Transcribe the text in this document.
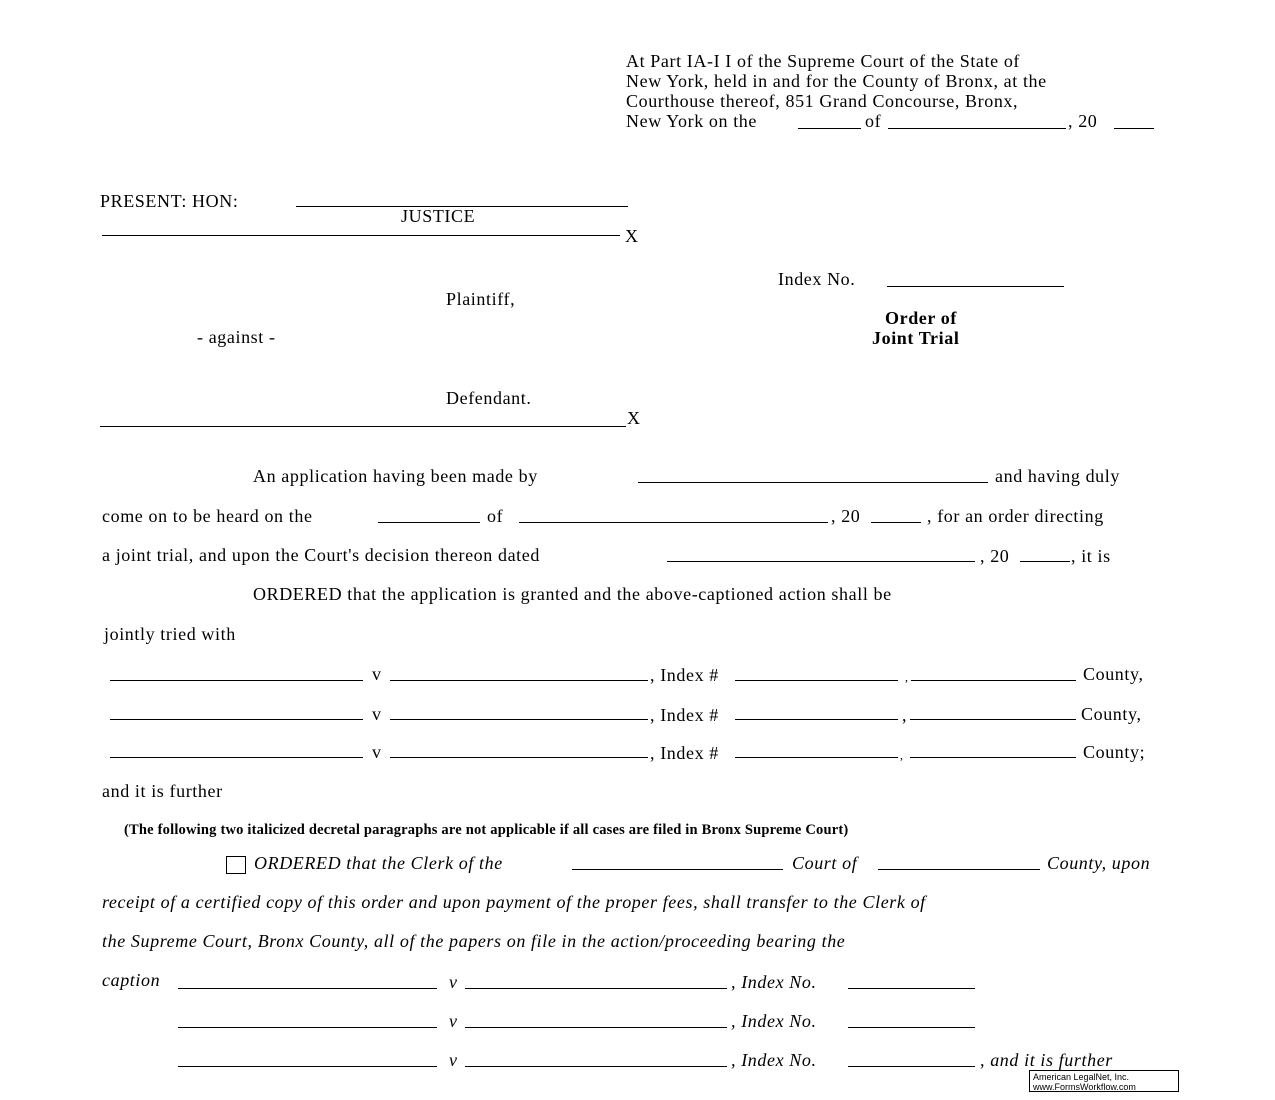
At Part IA-I I of the Supreme Court of the State of
New York, held in and for the County of Bronx, at the
Courthouse thereof, 851 Grand Concourse, Bronx,
New York on the	of	, 20
PRESENT: HON:
JUSTICE
X
Index No.
Plaintiff,
Order of
- against -	Joint Trial
Defendant.
X
An application having been made by	and having duly
come on to be heard on the	of	, 20	, for an order directing
a joint trial, and upon the Court's decision thereon dated	, 20	, it is
ORDERED that the application is granted and the above-captioned action shall be
jointly tried with
v	, Index #	,	County,
v	, Index #	,	County,
v	, Index #	,	County;
and it is further
(The following two italicized decretal paragraphs are not applicable if all cases are filed in Bronx Supreme Court)
ORDERED that the Clerk of the	Court of	County, upon
receipt of a certified copy of this order and upon payment of the proper fees, shall transfer to the Clerk of
the Supreme Court, Bronx County, all of the papers on file in the action/proceeding bearing the
caption	v	, Index No.
v	, Index No.
v	, Index No.	, and it is further
American LegalNet, Inc.
www.FormsWorkflow.com
